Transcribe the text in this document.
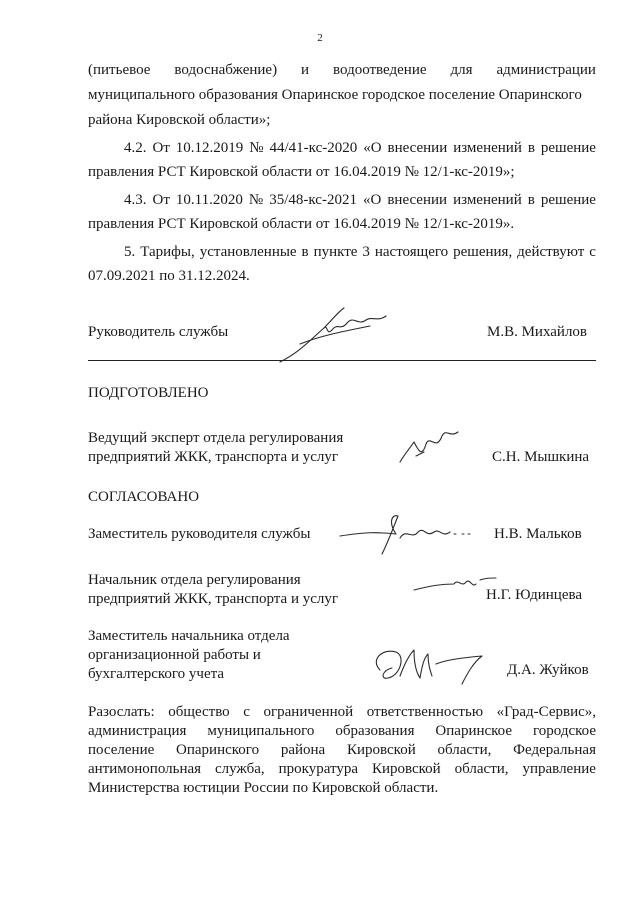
2
(питьевое водоснабжение) и водоотведение для администрации
муниципального образования Опаринское городское поселение Опаринского
района Кировской области»;
4.2. От 10.12.2019 № 44/41-кс-2020 «О внесении изменений в решение
правления РСТ Кировской области от 16.04.2019 № 12/1-кс-2019»;
4.3. От 10.11.2020 № 35/48-кс-2021 «О внесении изменений в решение
правления РСТ Кировской области от 16.04.2019 № 12/1-кс-2019».
5. Тарифы, установленные в пункте 3 настоящего решения, действуют с
07.09.2021 по 31.12.2024.
Руководитель службы	М.В. Михайлов
ПОДГОТОВЛЕНО
Ведущий эксперт отдела регулирования
предприятий ЖКК, транспорта и услуг	С.Н. Мышкина
СОГЛАСОВАНО
Заместитель руководителя службы	Н.В. Мальков
Начальник отдела регулирования
предприятий ЖКК, транспорта и услуг	Н.Г. Юдинцева
Заместитель начальника отдела
организационной работы и
бухгалтерского учета	Д.А. Жуйков
Разослать: общество с ограниченной ответственностью «Град-Сервис»,
администрация муниципального образования Опаринское городское
поселение Опаринского района Кировской области, Федеральная
антимонопольная служба, прокуратура Кировской области, управление
Министерства юстиции России по Кировской области.
